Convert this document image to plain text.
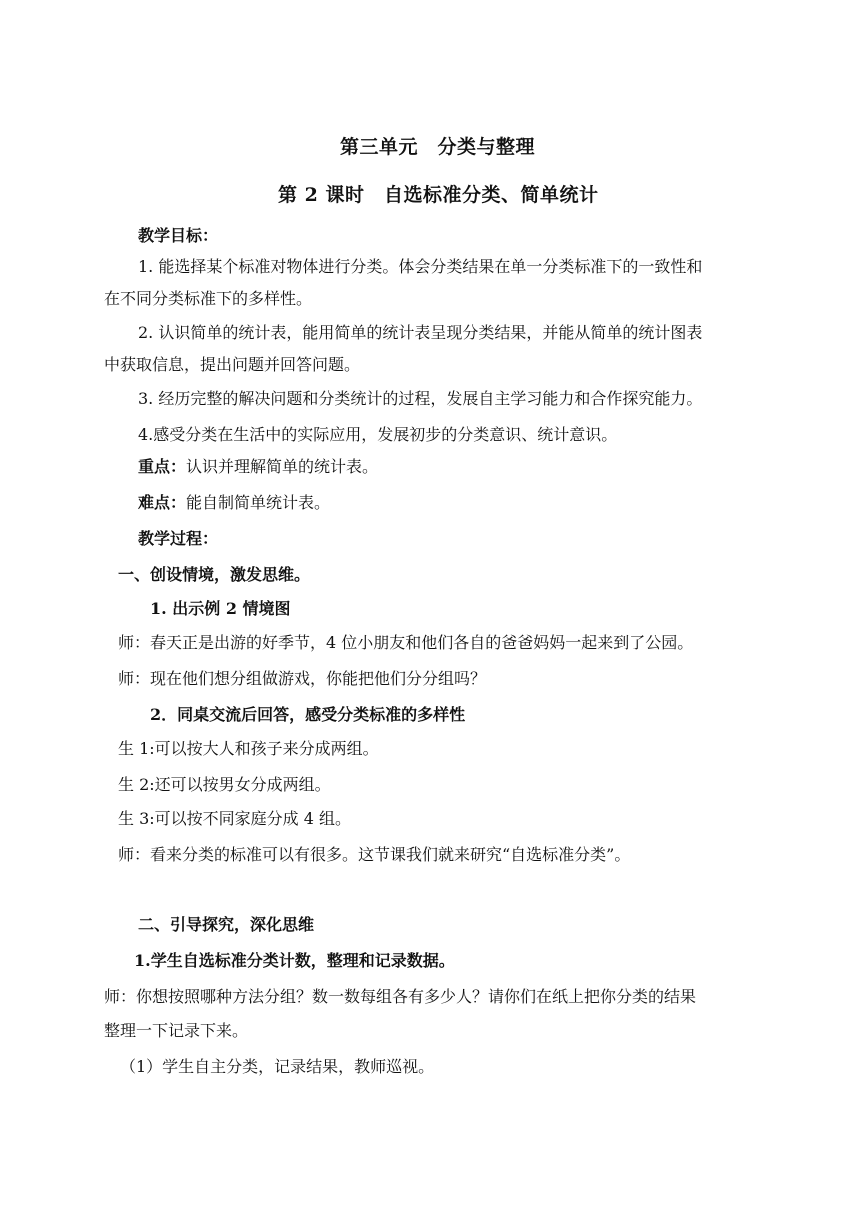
第三单元　分类与整理
第 2 课时　自选标准分类、简单统计
教学目标：
1. 能选择某个标准对物体进行分类。体会分类结果在单一分类标准下的一致性和
在不同分类标准下的多样性。
2. 认识简单的统计表，能用简单的统计表呈现分类结果，并能从简单的统计图表
中获取信息，提出问题并回答问题。
3. 经历完整的解决问题和分类统计的过程，发展自主学习能力和合作探究能力。
4.感受分类在生活中的实际应用，发展初步的分类意识、统计意识。
重点：认识并理解简单的统计表。
难点：能自制简单统计表。
教学过程：
一、创设情境，激发思维。
1. 出示例 2 情境图
师：春天正是出游的好季节，4 位小朋友和他们各自的爸爸妈妈一起来到了公园。
师：现在他们想分组做游戏，你能把他们分分组吗？
2．同桌交流后回答，感受分类标准的多样性
生 1:可以按大人和孩子来分成两组。
生 2:还可以按男女分成两组。
生 3:可以按不同家庭分成 4 组。
师：看来分类的标准可以有很多。这节课我们就来研究“自选标准分类”。
二、引导探究，深化思维
1.学生自选标准分类计数，整理和记录数据。
师：你想按照哪种方法分组？数一数每组各有多少人？请你们在纸上把你分类的结果
整理一下记录下来。
（1）学生自主分类，记录结果，教师巡视。
